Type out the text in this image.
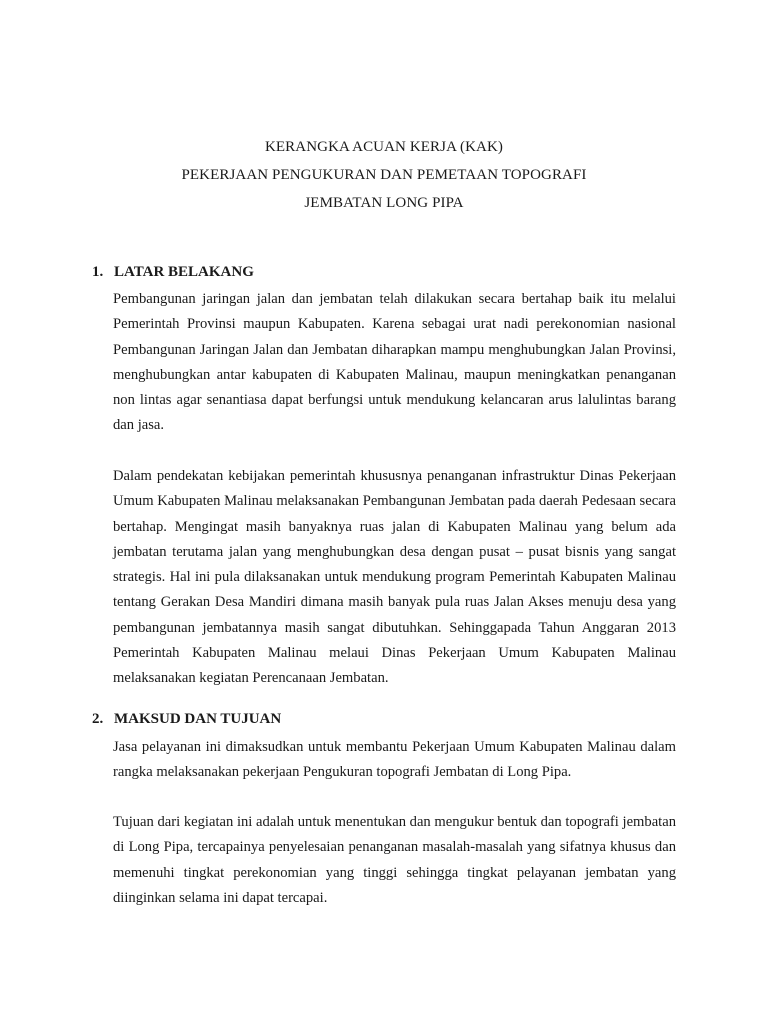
KERANGKA ACUAN KERJA (KAK)
PEKERJAAN PENGUKURAN DAN PEMETAAN TOPOGRAFI
JEMBATAN LONG PIPA
1. LATAR BELAKANG

Pembangunan jaringan jalan dan jembatan telah dilakukan secara bertahap baik itu melalui Pemerintah Provinsi maupun Kabupaten. Karena sebagai urat nadi perekonomian nasional Pembangunan Jaringan Jalan dan Jembatan diharapkan mampu menghubungkan Jalan Provinsi, menghubungkan antar kabupaten di Kabupaten Malinau, maupun meningkatkan penanganan non lintas agar senantiasa dapat berfungsi untuk mendukung kelancaran arus lalulintas barang dan jasa.

Dalam pendekatan kebijakan pemerintah khususnya penanganan infrastruktur Dinas Pekerjaan Umum Kabupaten Malinau melaksanakan Pembangunan Jembatan pada daerah Pedesaan secara bertahap. Mengingat masih banyaknya ruas jalan di Kabupaten Malinau yang belum ada jembatan terutama jalan yang menghubungkan desa dengan pusat – pusat bisnis yang sangat strategis. Hal ini pula dilaksanakan untuk mendukung program Pemerintah Kabupaten Malinau tentang Gerakan Desa Mandiri dimana masih banyak pula ruas Jalan Akses menuju desa yang pembangunan jembatannya masih sangat dibutuhkan. Sehinggapada Tahun Anggaran 2013 Pemerintah Kabupaten Malinau melaui Dinas Pekerjaan Umum Kabupaten Malinau melaksanakan kegiatan Perencanaan Jembatan.

2. MAKSUD DAN TUJUAN

Jasa pelayanan ini dimaksudkan untuk membantu Pekerjaan Umum Kabupaten Malinau dalam rangka melaksanakan pekerjaan Pengukuran topografi Jembatan di Long Pipa.

Tujuan dari kegiatan ini adalah untuk menentukan dan mengukur bentuk dan topografi jembatan di Long Pipa, tercapainya penyelesaian penanganan masalah-masalah yang sifatnya khusus dan memenuhi tingkat perekonomian yang tinggi sehingga tingkat pelayanan jembatan yang diinginkan selama ini dapat tercapai.
